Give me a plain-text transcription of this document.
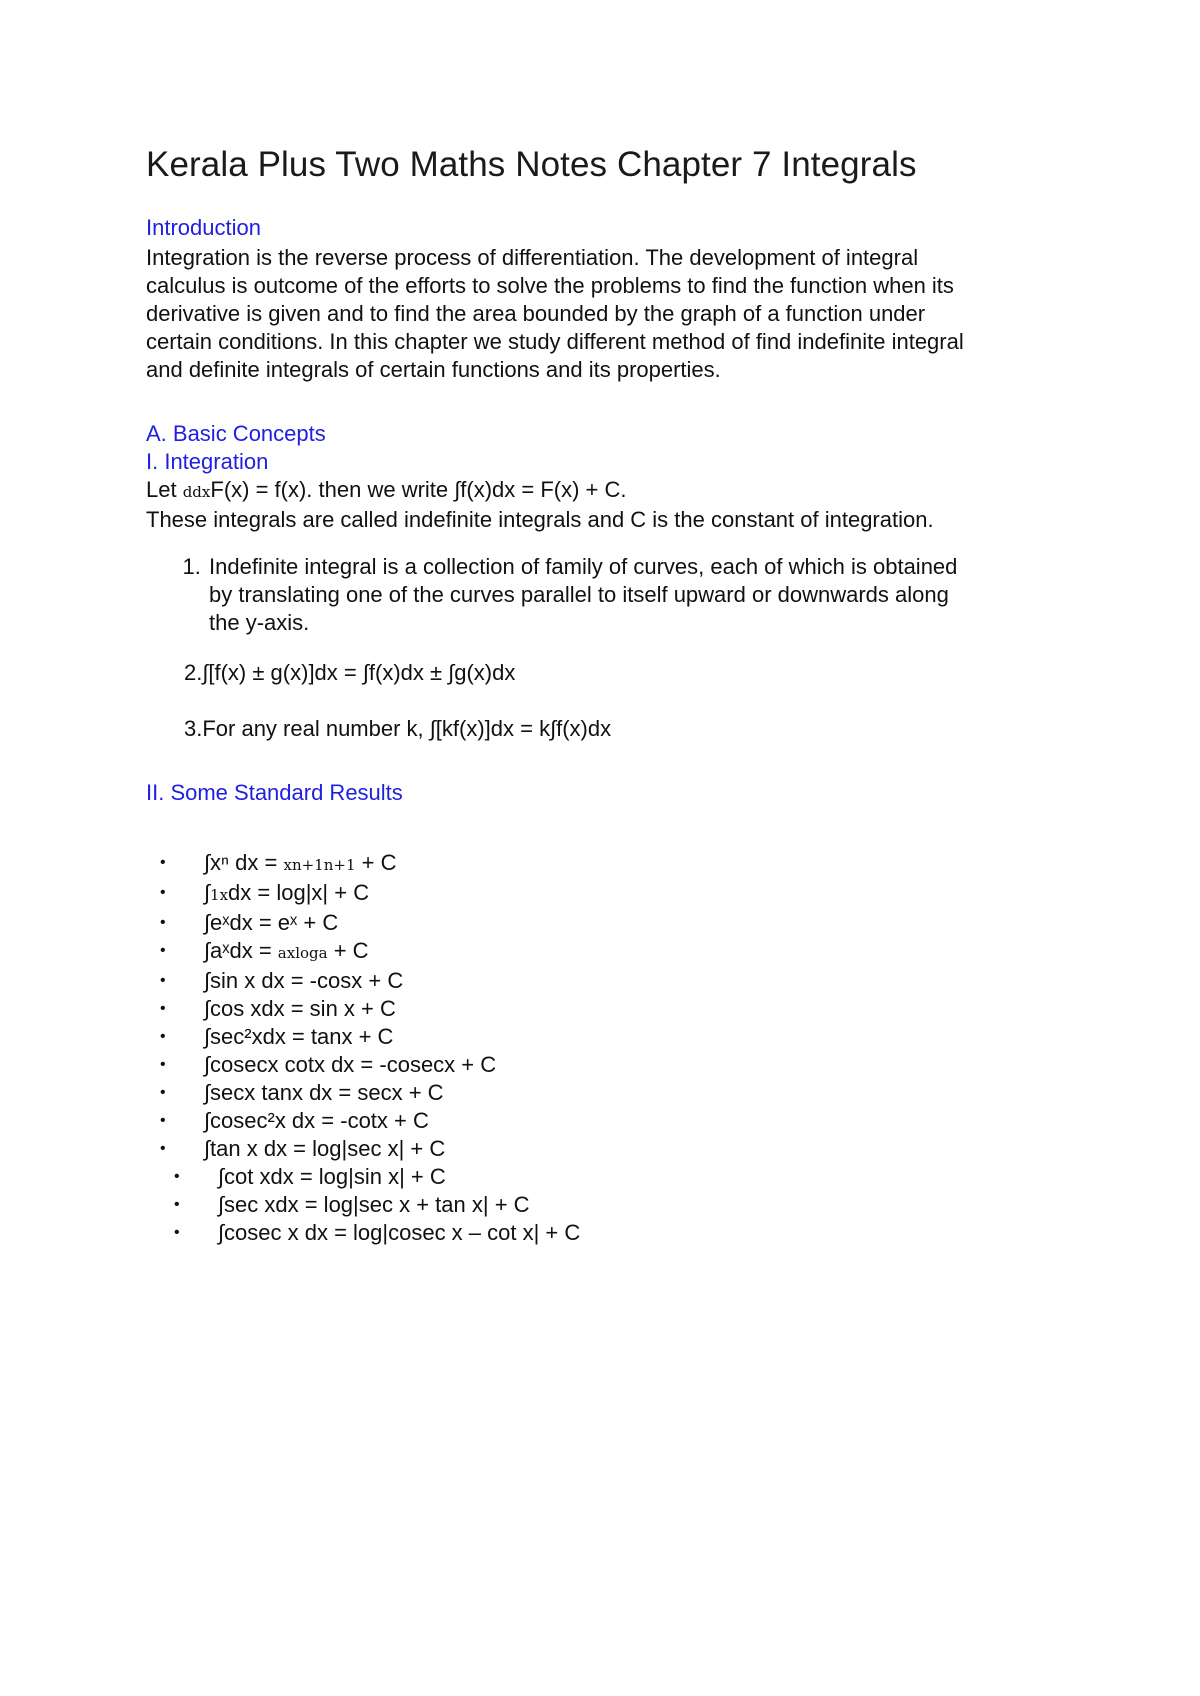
Kerala Plus Two Maths Notes Chapter 7 Integrals
Introduction
Integration is the reverse process of differentiation. The development of integral
calculus is outcome of the efforts to solve the problems to find the function when its
derivative is given and to find the area bounded by the graph of a function under
certain conditions. In this chapter we study different method of find indefinite integral
and definite integrals of certain functions and its properties.
A. Basic Concepts
I. Integration
Let ddxF(x) = f(x). then we write ∫f(x)dx = F(x) + C.
These integrals are called indefinite integrals and C is the constant of integration.
1. Indefinite integral is a collection of family of curves, each of which is obtained
by translating one of the curves parallel to itself upward or downwards along
the y-axis.
2.∫[f(x) ± g(x)]dx = ∫f(x)dx ± ∫g(x)dx
3.For any real number k, ∫[kf(x)]dx = k∫f(x)dx
II. Some Standard Results
• ∫xⁿ dx = xn+1n+1 + C
• ∫1xdx = log|x| + C
• ∫eˣdx = eˣ + C
• ∫aˣdx = axloga + C
• ∫sin x dx = -cosx + C
• ∫cos xdx = sin x + C
• ∫sec²xdx = tanx + C
• ∫cosecx cotx dx = -cosecx + C
• ∫secx tanx dx = secx + C
• ∫cosec²x dx = -cotx + C
• ∫tan x dx = log|sec x| + C
• ∫cot xdx = log|sin x| + C
• ∫sec xdx = log|sec x + tan x| + C
• ∫cosec x dx = log|cosec x – cot x| + C
